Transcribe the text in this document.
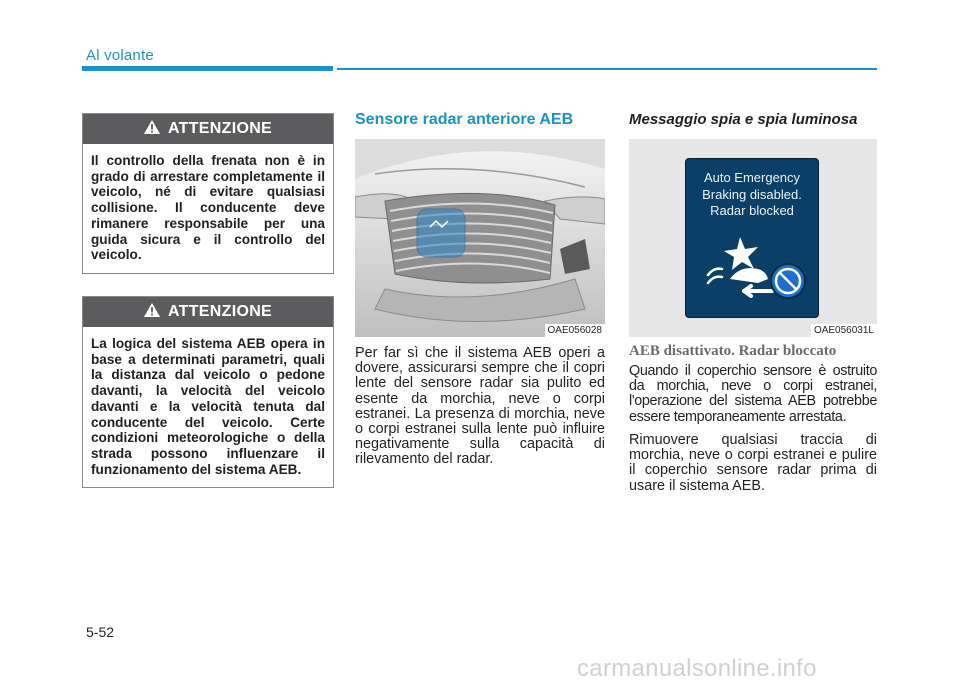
Al volante
ATTENZIONE
Il controllo della frenata non è in grado di arrestare completamente il veicolo, né di evitare qualsiasi collisione. Il conducente deve rimanere responsabile per una guida sicura e il controllo del veicolo.
ATTENZIONE
La logica del sistema AEB opera in base a determinati parametri, quali la distanza dal veicolo o pedone davanti, la velocità del veicolo davanti e la velocità tenuta dal conducente del veicolo. Certe condizioni meteorologiche o della strada possono influenzare il funzionamento del sistema AEB.
Sensore radar anteriore AEB
OAE056028
Per far sì che il sistema AEB operi a dovere, assicurarsi sempre che il copri lente del sensore radar sia pulito ed esente da morchia, neve o corpi estranei. La presenza di morchia, neve o corpi estranei sulla lente può influire negativamente sulla capacità di rilevamento del radar.
Messaggio spia e spia luminosa
Auto Emergency
Braking disabled.
Radar blocked
OAE056031L
AEB disattivato. Radar bloccato
Quando il coperchio sensore è ostruito da morchia, neve o corpi estranei, l'operazione del sistema AEB potrebbe essere temporaneamente arrestata.
Rimuovere qualsiasi traccia di morchia, neve o corpi estranei e pulire il coperchio sensore radar prima di usare il sistema AEB.
5-52
carmanualsonline.info
